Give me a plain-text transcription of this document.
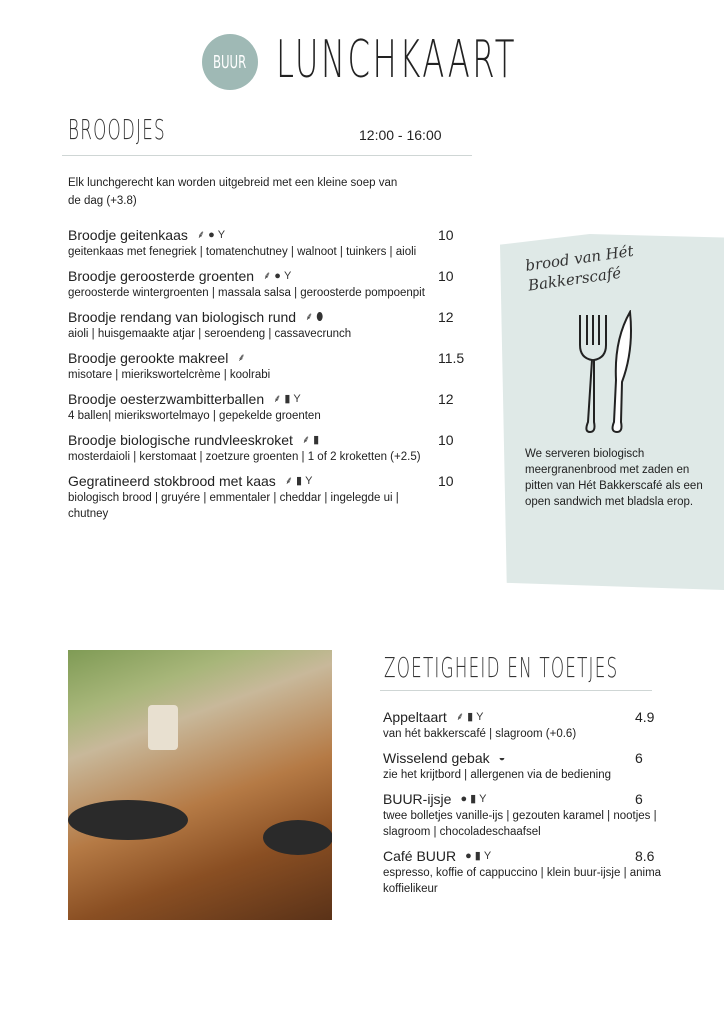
BUUR LUNCHKAART
BROODJES	12:00 - 16:00
Elk lunchgerecht kan worden uitgebreid met een kleine soep van de dag (+3.8)
Broodje geitenkaas ⸙ ● Y
geitenkaas met fenegriek | tomatenchutney | walnoot | tuinkers | aioli
10
Broodje geroosterde groenten ⸙ ● Y
geroosterde wintergroenten | massala salsa | geroosterde pompoenpit
10
Broodje rendang van biologisch rund ⸙ ⬮
aioli | huisgemaakte atjar | seroendeng | cassavecrunch
12
Broodje gerookte makreel ⸙
misotare | mierikswortelcrème | koolrabi
11.5
Broodje oesterzwambitterballen ⸙ ▮ Y
4 ballen| mierikswortelmayo | gepekelde groenten
12
Broodje biologische rundvleeskroket ⸙ ▮
mosterdaioli | kerstomaat | zoetzure groenten | 1 of 2 kroketten (+2.5)
10
Gegratineerd stokbrood met kaas ⸙ ▮ Y
biologisch brood | gruyére | emmentaler | cheddar | ingelegde ui | chutney
10
brood van Hét Bakkerscafé
We serveren biologisch meergranenbrood met zaden en pitten van Hét Bakkerscafé als een open sandwich met bladsla erop.
ZOETIGHEID EN TOETJES
Appeltaart ⸙ ▮ Y
van hét bakkerscafé | slagroom (+0.6)
4.9
Wisselend gebak ◒
zie het krijtbord | allergenen via de bediening
6
BUUR-ijsje ● ▮ Y
twee bolletjes vanille-ijs | gezouten karamel | nootjes | slagroom | chocoladeschaafsel
6
Café BUUR ● ▮ Y
espresso, koffie of cappuccino | klein buur-ijsje | anima koffielikeur
8.6
